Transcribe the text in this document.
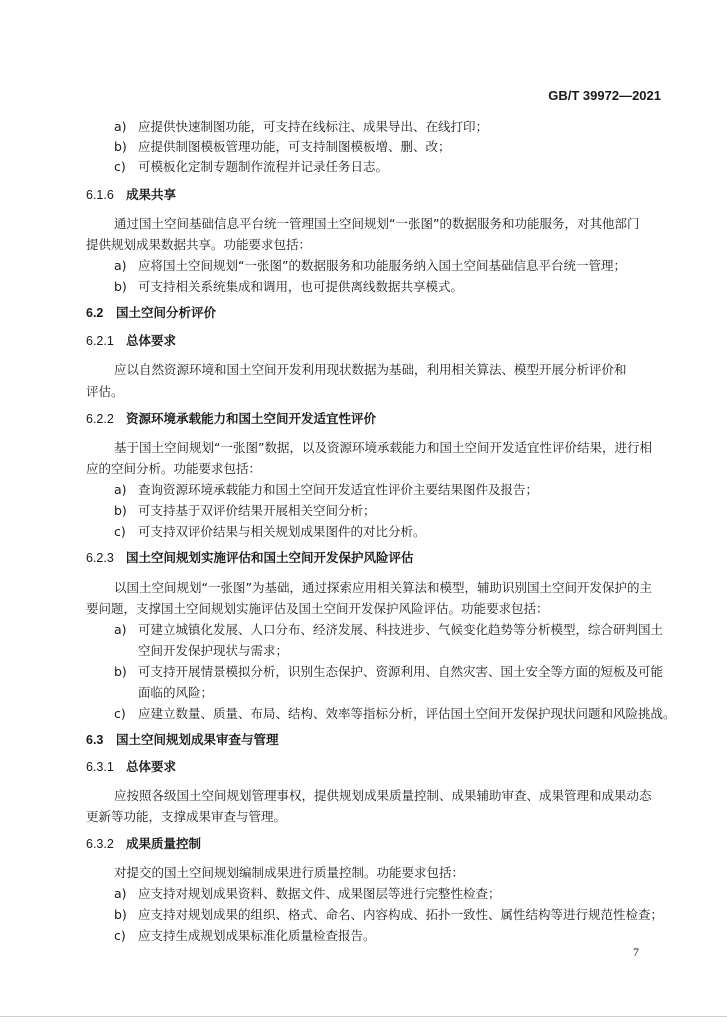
GB/T 39972—2021
a) 应提供快速制图功能，可支持在线标注、成果导出、在线打印；
b) 应提供制图模板管理功能，可支持制图模板增、删、改；
c) 可模板化定制专题制作流程并记录任务日志。
6.1.6 成果共享
通过国土空间基础信息平台统一管理国土空间规划“一张图”的数据服务和功能服务，对其他部门
提供规划成果数据共享。功能要求包括：
a) 应将国土空间规划“一张图”的数据服务和功能服务纳入国土空间基础信息平台统一管理；
b) 可支持相关系统集成和调用，也可提供离线数据共享模式。
6.2 国土空间分析评价
6.2.1 总体要求
应以自然资源环境和国土空间开发利用现状数据为基础，利用相关算法、模型开展分析评价和
评估。
6.2.2 资源环境承载能力和国土空间开发适宜性评价
基于国土空间规划“一张图”数据，以及资源环境承载能力和国土空间开发适宜性评价结果，进行相
应的空间分析。功能要求包括：
a) 查询资源环境承载能力和国土空间开发适宜性评价主要结果图件及报告；
b) 可支持基于双评价结果开展相关空间分析；
c) 可支持双评价结果与相关规划成果图件的对比分析。
6.2.3 国土空间规划实施评估和国土空间开发保护风险评估
以国土空间规划“一张图”为基础，通过探索应用相关算法和模型，辅助识别国土空间开发保护的主
要问题，支撑国土空间规划实施评估及国土空间开发保护风险评估。功能要求包括：
a) 可建立城镇化发展、人口分布、经济发展、科技进步、气候变化趋势等分析模型，综合研判国土
空间开发保护现状与需求；
b) 可支持开展情景模拟分析，识别生态保护、资源利用、自然灾害、国土安全等方面的短板及可能
面临的风险；
c) 应建立数量、质量、布局、结构、效率等指标分析，评估国土空间开发保护现状问题和风险挑战。
6.3 国土空间规划成果审查与管理
6.3.1 总体要求
应按照各级国土空间规划管理事权，提供规划成果质量控制、成果辅助审查、成果管理和成果动态
更新等功能，支撑成果审查与管理。
6.3.2 成果质量控制
对提交的国土空间规划编制成果进行质量控制。功能要求包括：
a) 应支持对规划成果资料、数据文件、成果图层等进行完整性检查；
b) 应支持对规划成果的组织、格式、命名、内容构成、拓扑一致性、属性结构等进行规范性检查；
c) 应支持生成规划成果标准化质量检查报告。
7
